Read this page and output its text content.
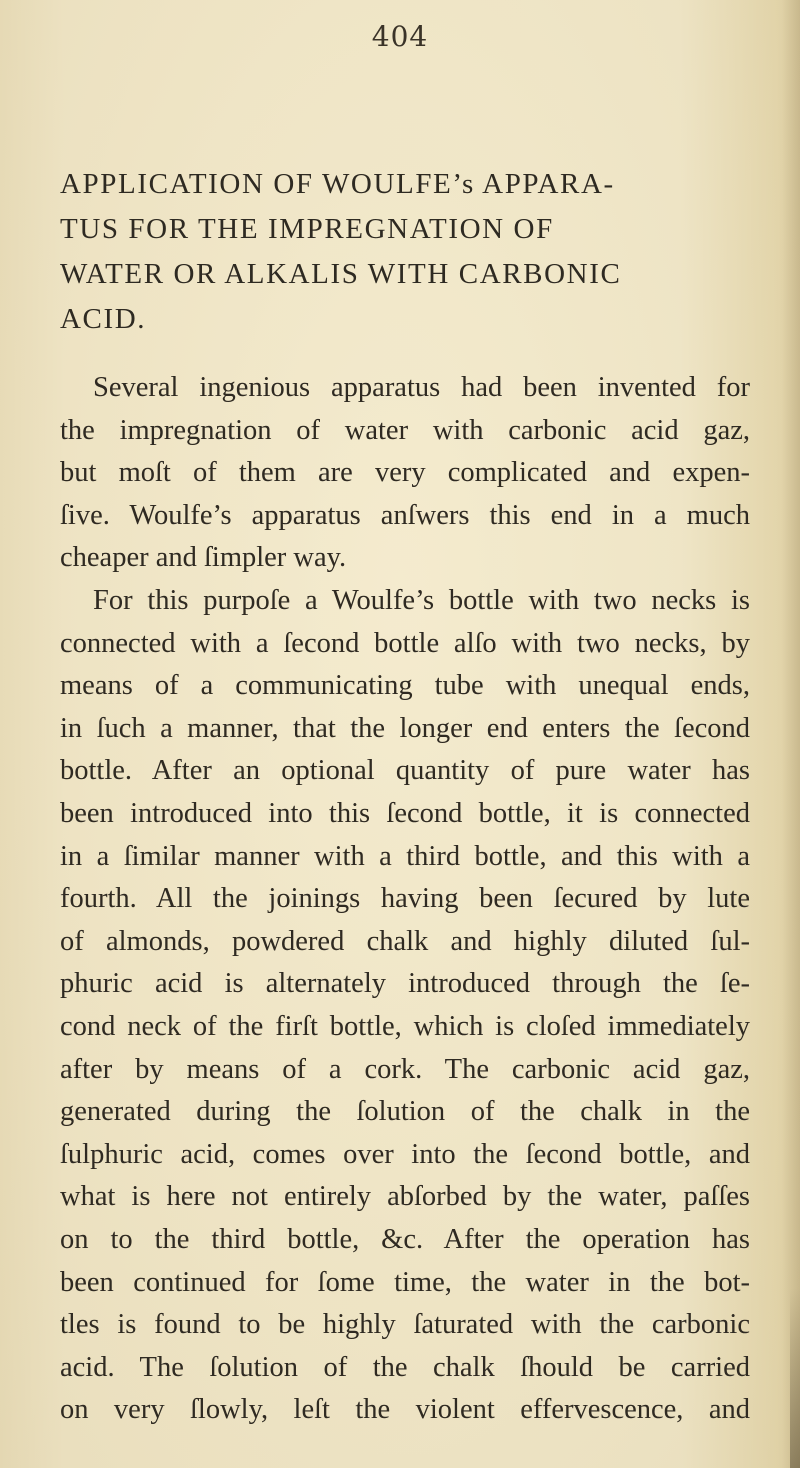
404
APPLICATION OF WOULFE’s APPARA-
TUS FOR THE IMPREGNATION OF
WATER OR ALKALIS WITH CARBONIC
ACID.
Several ingenious apparatus had been invented for
the impregnation of water with carbonic acid gaz,
but moſt of them are very complicated and expen-
ſive. Woulfe’s apparatus anſwers this end in a much
cheaper and ſimpler way.
For this purpoſe a Woulfe’s bottle with two necks is
connected with a ſecond bottle alſo with two necks, by
means of a communicating tube with unequal ends,
in ſuch a manner, that the longer end enters the ſecond
bottle. After an optional quantity of pure water has
been introduced into this ſecond bottle, it is connected
in a ſimilar manner with a third bottle, and this with a
fourth. All the joinings having been ſecured by lute
of almonds, powdered chalk and highly diluted ſul-
phuric acid is alternately introduced through the ſe-
cond neck of the firſt bottle, which is cloſed immediately
after by means of a cork. The carbonic acid gaz,
generated during the ſolution of the chalk in the
ſulphuric acid, comes over into the ſecond bottle, and
what is here not entirely abſorbed by the water, paſſes
on to the third bottle, &c. After the operation has
been continued for ſome time, the water in the bot-
tles is found to be highly ſaturated with the carbonic
acid. The ſolution of the chalk ſhould be carried
on very ſlowly, leſt the violent effervescence, and
